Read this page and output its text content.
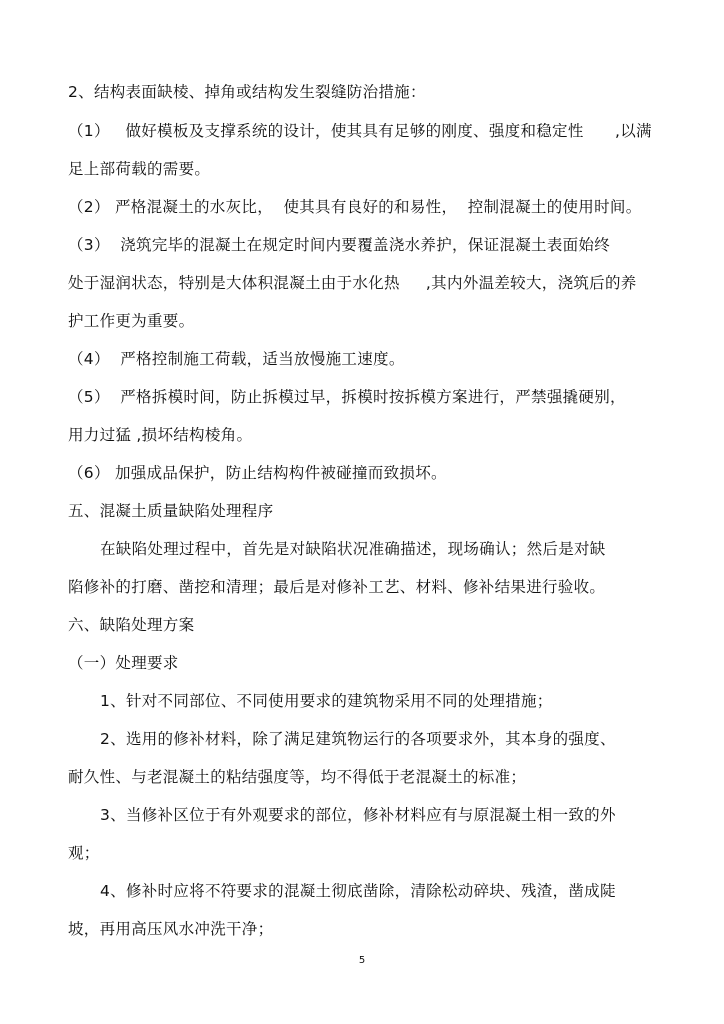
2、结构表面缺棱、掉角或结构发生裂缝防治措施：
（1）   做好模板及支撑系统的设计，使其具有足够的刚度、强度和稳定性      ,以满
足上部荷载的需要。
（2） 严格混凝土的水灰比，  使其具有良好的和易性，  控制混凝土的使用时间。
（3）  浇筑完毕的混凝土在规定时间内要覆盖浇水养护，保证混凝土表面始终
处于湿润状态，特别是大体积混凝土由于水化热     ,其内外温差较大，浇筑后的养
护工作更为重要。
（4）  严格控制施工荷载，适当放慢施工速度。
（5）  严格拆模时间，防止拆模过早，拆模时按拆模方案进行，严禁强撬硬别，
用力过猛 ,损坏结构棱角。
（6） 加强成品保护，防止结构构件被碰撞而致损坏。
五、混凝土质量缺陷处理程序
在缺陷处理过程中，首先是对缺陷状况准确描述，现场确认；然后是对缺
陷修补的打磨、凿挖和清理；最后是对修补工艺、材料、修补结果进行验收。
六、缺陷处理方案
（一）处理要求
1、针对不同部位、不同使用要求的建筑物采用不同的处理措施；
2、选用的修补材料，除了满足建筑物运行的各项要求外，其本身的强度、
耐久性、与老混凝土的粘结强度等，均不得低于老混凝土的标准；
3、当修补区位于有外观要求的部位，修补材料应有与原混凝土相一致的外
观；
4、修补时应将不符要求的混凝土彻底凿除，清除松动碎块、残渣，凿成陡
坡，再用高压风水冲洗干净；
5
